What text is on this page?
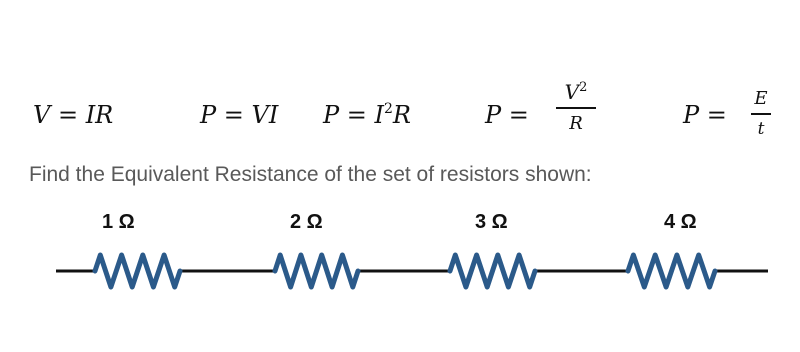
V = IR	P = VI $P = I^2R$	P =
$V^2$
R	P =
E
t
Find the Equivalent Resistance of the set of resistors shown:
1 Ω	2 Ω	3 Ω	4 Ω
